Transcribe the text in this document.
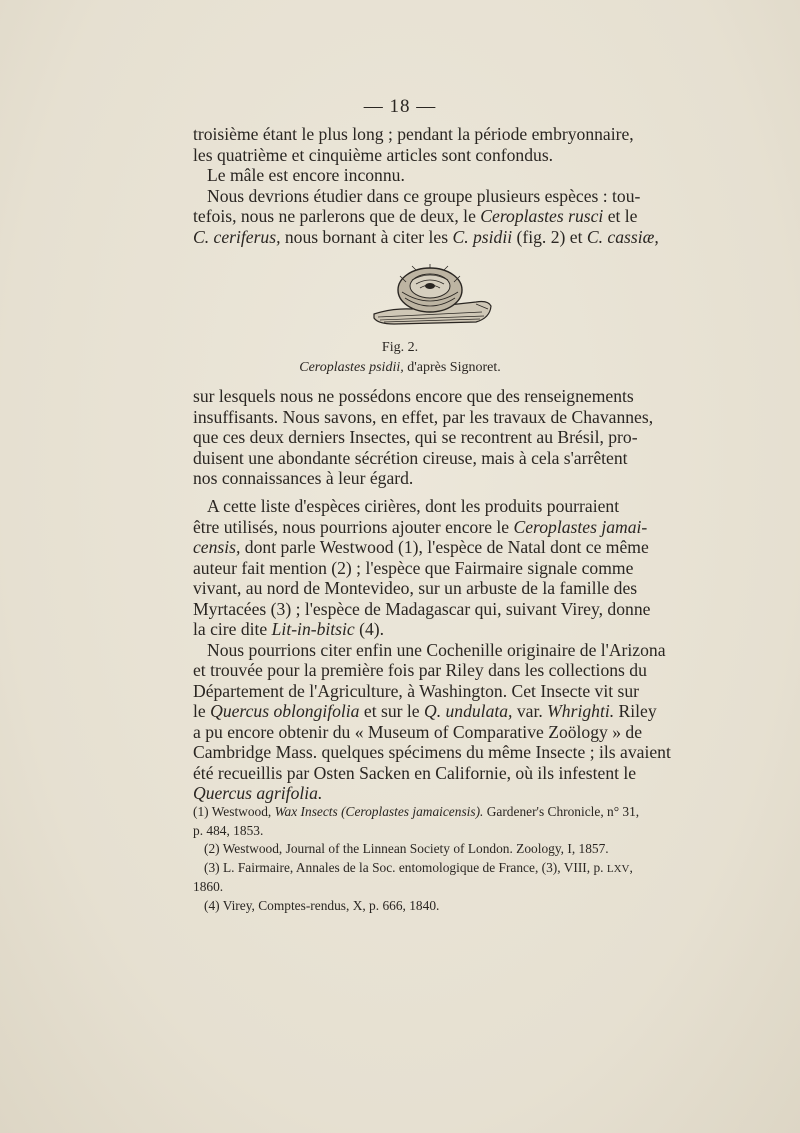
— 18 —

troisième étant le plus long ; pendant la période embryonnaire,

les quatrième et cinquième articles sont confondus.

Le mâle est encore inconnu.

Nous devrions étudier dans ce groupe plusieurs espèces : tou-

tefois, nous ne parlerons que de deux, le Ceroplastes rusci et le

C. ceriferus, nous bornant à citer les C. psidii (fig. 2) et C. cassiæ,

Fig. 2.
Ceroplastes psidii, d'après Signoret.

sur lesquels nous ne possédons encore que des renseignements

insuffisants. Nous savons, en effet, par les travaux de Chavannes,

que ces deux derniers Insectes, qui se recontrent au Brésil, pro-

duisent une abondante sécrétion cireuse, mais à cela s'arrêtent

nos connaissances à leur égard.

A cette liste d'espèces cirières, dont les produits pourraient

être utilisés, nous pourrions ajouter encore le Ceroplastes jamai-

censis, dont parle Westwood (1), l'espèce de Natal dont ce même

auteur fait mention (2) ; l'espèce que Fairmaire signale comme

vivant, au nord de Montevideo, sur un arbuste de la famille des

Myrtacées (3) ; l'espèce de Madagascar qui, suivant Virey, donne

la cire dite Lit-in-bitsic (4).

Nous pourrions citer enfin une Cochenille originaire de l'Arizona

et trouvée pour la première fois par Riley dans les collections du

Département de l'Agriculture, à Washington. Cet Insecte vit sur

le Quercus oblongifolia et sur le Q. undulata, var. Whrighti. Riley

a pu encore obtenir du « Museum of Comparative Zoölogy » de

Cambridge Mass. quelques spécimens du même Insecte ; ils avaient

été recueillis par Osten Sacken en Californie, où ils infestent le

Quercus agrifolia.

(1) Westwood, Wax Insects (Ceroplastes jamaicensis). Gardener's Chronicle, n° 31,

p. 484, 1853.

(2) Westwood, Journal of the Linnean Society of London. Zoology, I, 1857.

(3) L. Fairmaire, Annales de la Soc. entomologique de France, (3), VIII, p. LXV,

1860.

(4) Virey, Comptes-rendus, X, p. 666, 1840.
